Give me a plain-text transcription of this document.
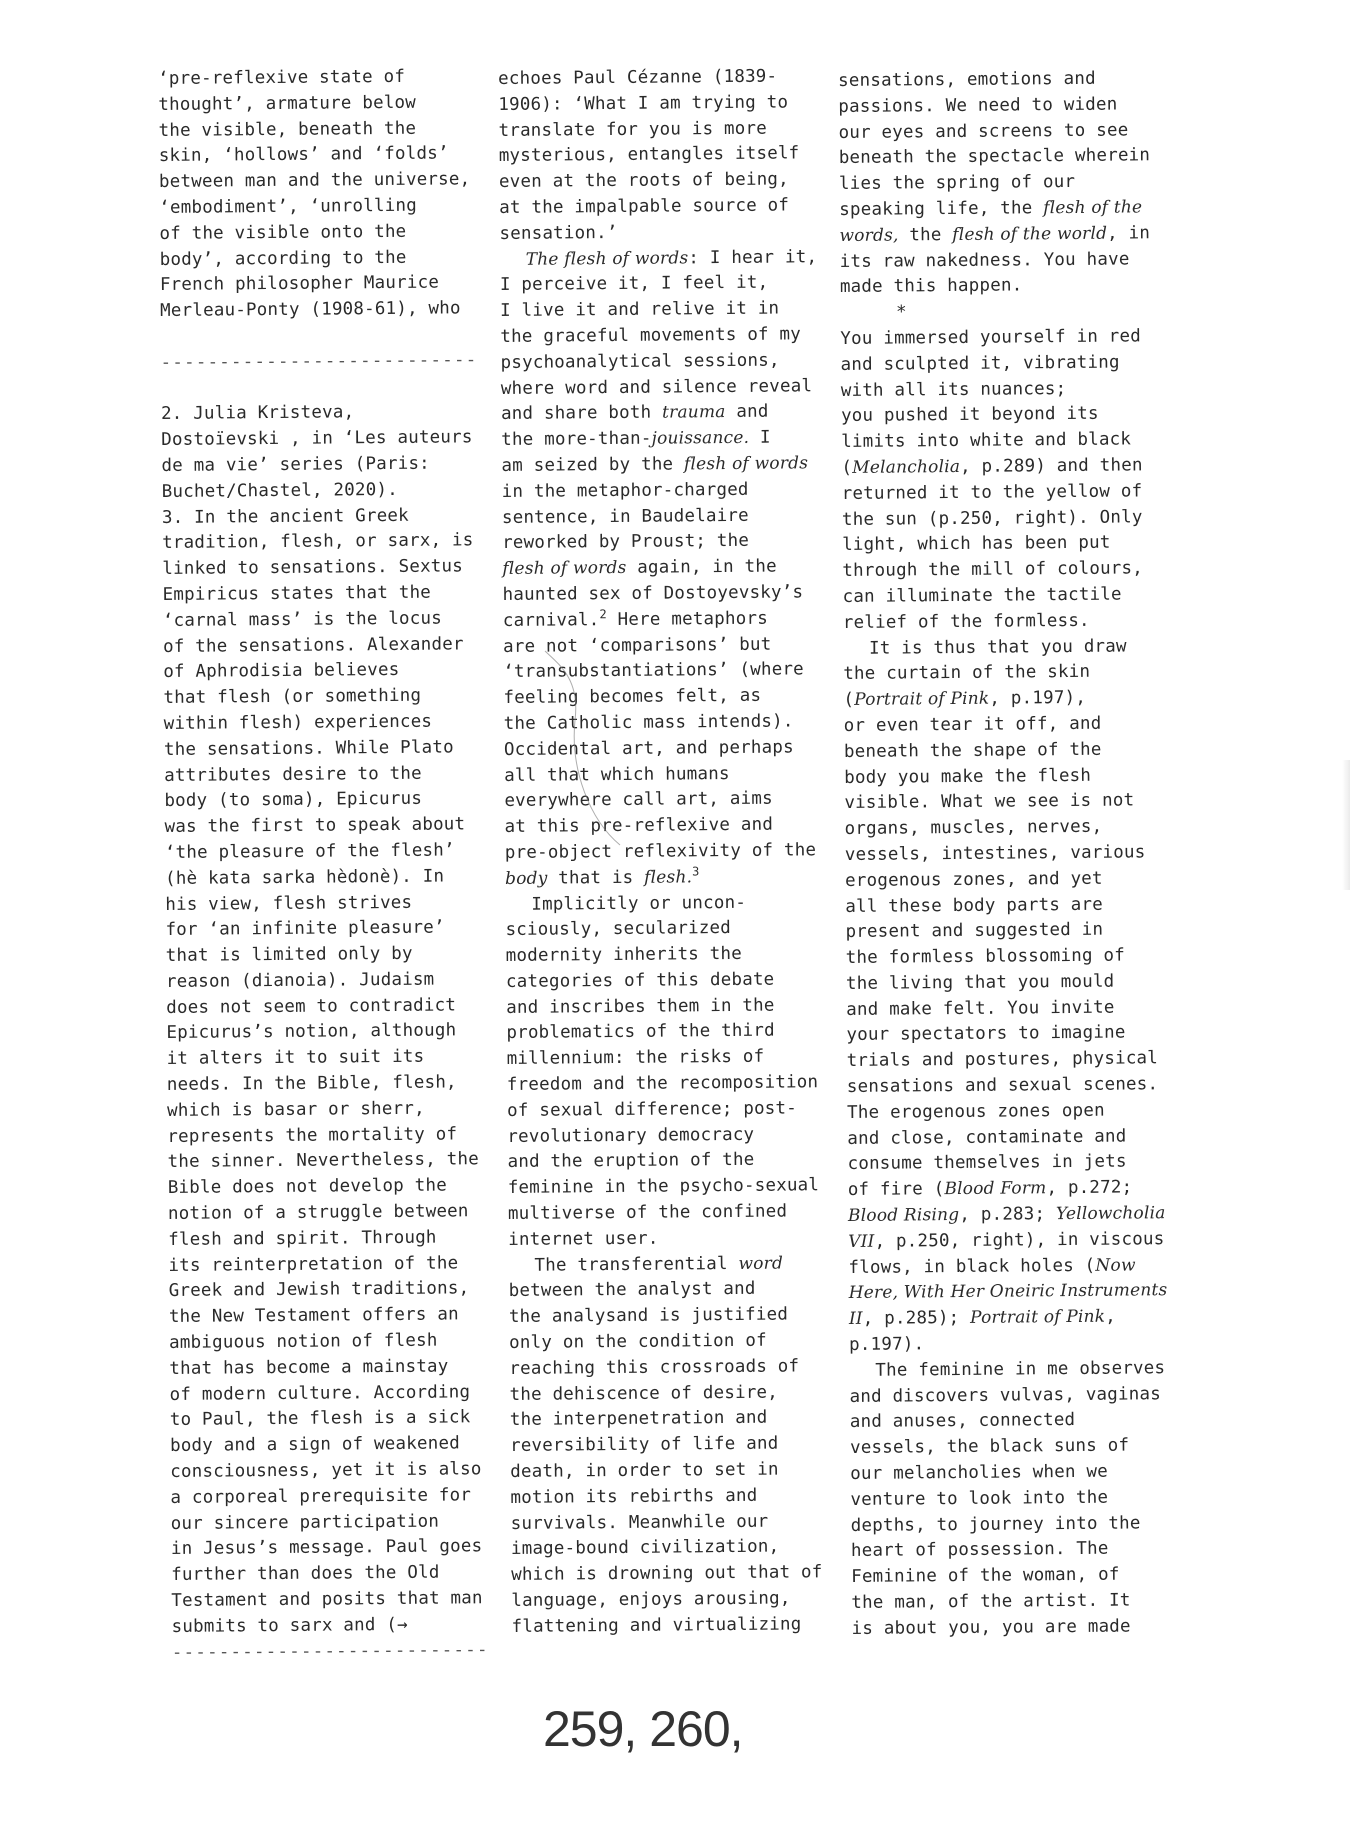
‘pre-reflexive state of
thought’, armature below
the visible, beneath the
skin, ‘hollows’ and ‘folds’
between man and the universe,
‘embodiment’, ‘unrolling
of the visible onto the
body’, according to the
French philosopher Maurice
Merleau-Ponty (1908-61), who
---------------------------
2. Julia Kristeva,
Dostoïevski , in ‘Les auteurs
de ma vie’ series (Paris:
Buchet/Chastel, 2020).
3. In the ancient Greek
tradition, flesh, or sarx, is
linked to sensations. Sextus
Empiricus states that the
‘carnal mass’ is the locus
of the sensations. Alexander
of Aphrodisia believes
that flesh (or something
within flesh) experiences
the sensations. While Plato
attributes desire to the
body (to soma), Epicurus
was the first to speak about
‘the pleasure of the flesh’
(hè kata sarka hèdonè). In
his view, flesh strives
for ‘an infinite pleasure’
that is limited only by
reason (dianoia). Judaism
does not seem to contradict
Epicurus’s notion, although
it alters it to suit its
needs. In the Bible, flesh,
which is basar or sherr,
represents the mortality of
the sinner. Nevertheless, the
Bible does not develop the
notion of a struggle between
flesh and spirit. Through
its reinterpretation of the
Greek and Jewish traditions,
the New Testament offers an
ambiguous notion of flesh
that has become a mainstay
of modern culture. According
to Paul, the flesh is a sick
body and a sign of weakened
consciousness, yet it is also
a corporeal prerequisite for
our sincere participation
in Jesus’s message. Paul goes
further than does the Old
Testament and posits that man
submits to sarx and (→
---------------------------
echoes Paul Cézanne (1839-
1906): ‘What I am trying to
translate for you is more
mysterious, entangles itself
even at the roots of being,
at the impalpable source of
sensation.’
The flesh of words: I hear it,
I perceive it, I feel it,
I live it and relive it in
the graceful movements of my
psychoanalytical sessions,
where word and silence reveal
and share both trauma and
the more-than-jouissance. I
am seized by the flesh of words
in the metaphor-charged
sentence, in Baudelaire
reworked by Proust; the
flesh of words again, in the
haunted sex of Dostoyevsky’s
carnival.$^2$ Here metaphors
are not ‘comparisons’ but
‘transubstantiations’ (where
feeling becomes felt, as
the Catholic mass intends).
Occidental art, and perhaps
all that which humans
everywhere call art, aims
at this pre-reflexive and
pre-object reflexivity of the
body that is flesh.$^3$
Implicitly or uncon-
sciously, secularized
modernity inherits the
categories of this debate
and inscribes them in the
problematics of the third
millennium: the risks of
freedom and the recomposition
of sexual difference; post-
revolutionary democracy
and the eruption of the
feminine in the psycho-sexual
multiverse of the confined
internet user.
The transferential word
between the analyst and
the analysand is justified
only on the condition of
reaching this crossroads of
the dehiscence of desire,
the interpenetration and
reversibility of life and
death, in order to set in
motion its rebirths and
survivals. Meanwhile our
image-bound civilization,
which is drowning out that of
language, enjoys arousing,
flattening and virtualizing
sensations, emotions and
passions. We need to widen
our eyes and screens to see
beneath the spectacle wherein
lies the spring of our
speaking life, the flesh of the
words, the flesh of the world, in
its raw nakedness. You have
made this happen.
*
You immersed yourself in red
and sculpted it, vibrating
with all its nuances;
you pushed it beyond its
limits into white and black
(Melancholia, p.289) and then
returned it to the yellow of
the sun (p.250, right). Only
light, which has been put
through the mill of colours,
can illuminate the tactile
relief of the formless.
It is thus that you draw
the curtain of the skin
(Portrait of Pink, p.197),
or even tear it off, and
beneath the shape of the
body you make the flesh
visible. What we see is not
organs, muscles, nerves,
vessels, intestines, various
erogenous zones, and yet
all these body parts are
present and suggested in
the formless blossoming of
the living that you mould
and make felt. You invite
your spectators to imagine
trials and postures, physical
sensations and sexual scenes.
The erogenous zones open
and close, contaminate and
consume themselves in jets
of fire (Blood Form, p.272;
Blood Rising, p.283; Yellowcholia
VII, p.250, right), in viscous
flows, in black holes (Now
Here, With Her Oneiric Instruments
II, p.285); Portrait of Pink,
p.197).
The feminine in me observes
and discovers vulvas, vaginas
and anuses, connected
vessels, the black suns of
our melancholies when we
venture to look into the
depths, to journey into the
heart of possession. The
Feminine of the woman, of
the man, of the artist. It
is about you, you are made
259, 260,
